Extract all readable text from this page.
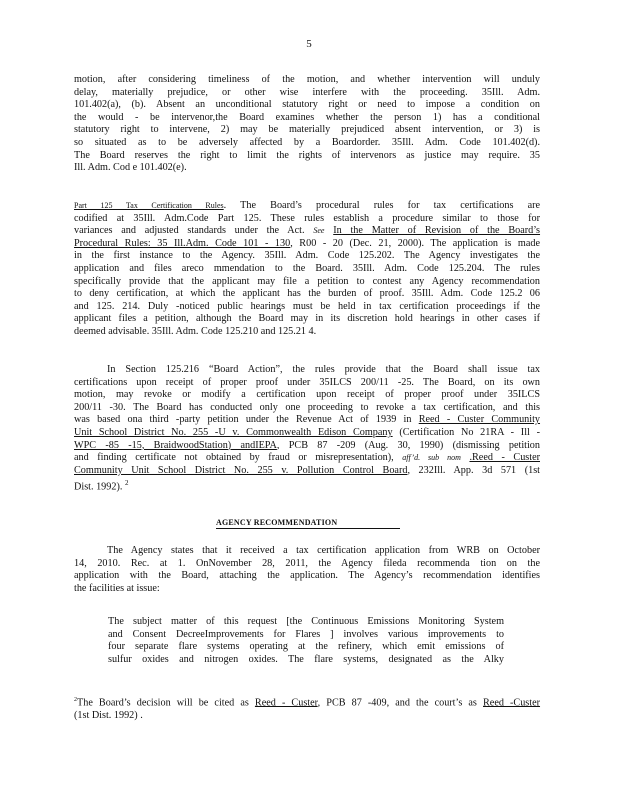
5
motion, after considering timeliness of the motion, and whether intervention will unduly
delay, materially prejudice, or other wise interfere with the proceeding. 35Ill. Adm.
101.402(a), (b). Absent an unconditional statutory right or need to impose a condition on
the would - be intervenor,the Board examines whether the person 1) has a conditional
statutory right to intervene, 2) may be materially prejudiced absent intervention, or 3) is
so situated as to be adversely affected by a Boardorder. 35Ill. Adm. Code 101.402(d).
The Board reserves the right to limit the rights of intervenors as justice may require. 35
Ill. Adm. Cod e 101.402(e).
Part 125 Tax Certification Rules. The Board’s procedural rules for tax certifications are
codified at 35Ill. Adm.Code Part 125. These rules establish a procedure similar to those for
variances and adjusted standards under the Act. See In the Matter of Revision of the Board’s
Procedural Rules: 35 Ill.Adm. Code 101 - 130, R00 - 20 (Dec. 21, 2000). The application is made
in the first instance to the Agency. 35Ill. Adm. Code 125.202. The Agency investigates the
application and files areco mmendation to the Board. 35Ill. Adm. Code 125.204. The rules
specifically provide that the applicant may file a petition to contest any Agency recommendation
to deny certification, at which the applicant has the burden of proof. 35Ill. Adm. Code 125.2 06
and 125. 214. Duly -noticed public hearings must be held in tax certification proceedings if the
applicant files a petition, although the Board may in its discretion hold hearings in other cases if
deemed advisable. 35Ill. Adm. Code 125.210 and 125.21 4.
In Section 125.216 “Board Action”, the rules provide that the Board shall issue tax
certifications upon receipt of proper proof under 35ILCS 200/11 -25. The Board, on its own
motion, may revoke or modify a certification upon receipt of proper proof under 35ILCS
200/11 -30. The Board has conducted only one proceeding to revoke a tax certification, and this
was based ona third -party petition under the Revenue Act of 1939 in Reed - Custer Community
Unit School District No. 255 -U v. Commonwealth Edison Company (Certification No 21RA - Ill -
WPC -85 -15, BraidwoodStation) andIEPA, PCB 87 -209 (Aug. 30, 1990) (dismissing petition
and finding certificate not obtained by fraud or misrepresentation), aff’d. sub nom .Reed - Custer
Community Unit School District No. 255 v. Pollution Control Board, 232Ill. App. 3d 571 (1st
Dist. 1992). $^2$
AGENCY RECOMMENDATION
The Agency states that it received a tax certification application from WRB on October
14, 2010. Rec. at 1. OnNovember 28, 2011, the Agency fileda recommenda tion on the
application with the Board, attaching the application. The Agency’s recommendation identifies
the facilities at issue:
The subject matter of this request [the Continuous Emissions Monitoring System
and Consent DecreeImprovements for Flares ] involves various improvements to
four separate flare systems operating at the refinery, which emit emissions of
sulfur oxides and nitrogen oxides. The flare systems, designated as the Alky
$^2$The Board’s decision will be cited as Reed - Custer, PCB 87 -409, and the court’s as Reed -Custer
(1st Dist. 1992) .
